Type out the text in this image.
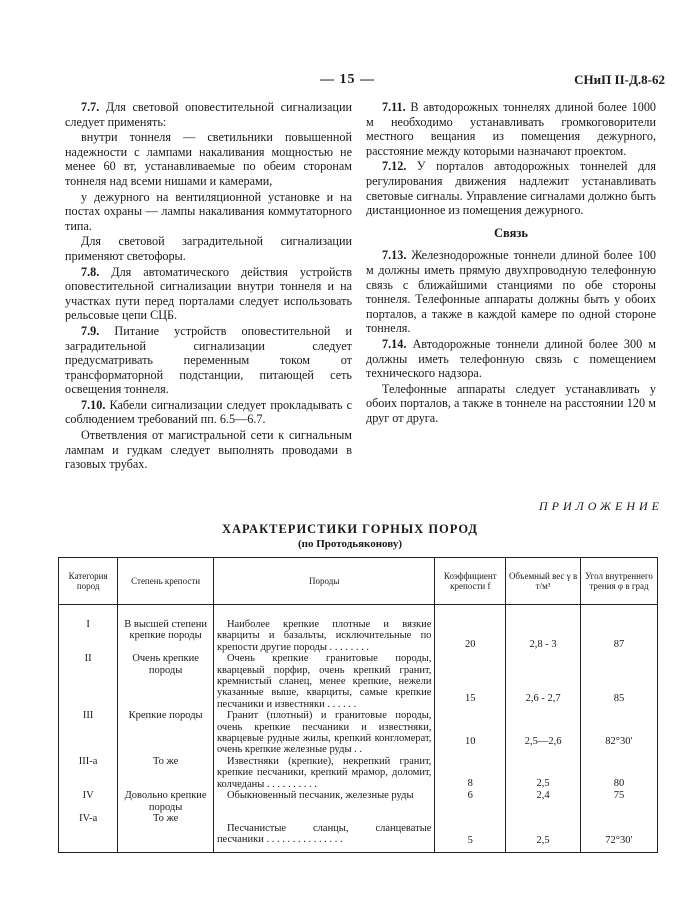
— 15 —	СНиП II-Д.8-62

7.7. Для световой оповестительной сигнализации следует применять:

внутри тоннеля — светильники повышенной надежности с лампами накаливания мощностью не менее 60 вт, устанавливаемые по обеим сторонам тоннеля над всеми нишами и камерами,

у дежурного на вентиляционной установке и на постах охраны — лампы накаливания коммутаторного типа.

Для световой заградительной сигнализации применяют светофоры.

7.8. Для автоматического действия устройств оповестительной сигнализации внутри тоннеля и на участках пути перед порталами следует использовать рельсовые цепи СЦБ.

7.9. Питание устройств оповестительной и заградительной сигнализации следует предусматривать переменным током от трансформаторной подстанции, питающей сеть освещения тоннеля.

7.10. Кабели сигнализации следует прокладывать с соблюдением требований пп. 6.5—6.7.

Ответвления от магистральной сети к сигнальным лампам и гудкам следует выполнять проводами в газовых трубах.

7.11. В автодорожных тоннелях длиной более 1000 м необходимо устанавливать громкоговорители местного вещания из помещения дежурного, расстояние между которыми назначают проектом.

7.12. У порталов автодорожных тоннелей для регулирования движения надлежит устанавливать световые сигналы. Управление сигналами должно быть дистанционное из помещения дежурного.

Связь

7.13. Железнодорожные тоннели длиной более 100 м должны иметь прямую двухпроводную телефонную связь с ближайшими станциями по обе стороны тоннеля. Телефонные аппараты должны быть у обоих порталов, а также в каждой камере по одной стороне тоннеля.

7.14. Автодорожные тоннели длиной более 300 м должны иметь телефонную связь с помещением технического надзора.

Телефонные аппараты следует устанавливать у обоих порталов, а также в тоннеле на расстоянии 120 м друг от друга.

ПРИЛОЖЕНИЕ
ХАРАКТЕРИСТИКИ ГОРНЫХ ПОРОД
(по Протодьяконову)
Категория пород	Степень крепости	Породы	Коэффициент крепости f	Объемный вес γ в т/м³	Угол внутреннего трения φ в град
I	В высшей степени крепкие породы	Наиболее крепкие плотные и вязкие кварциты и базальты, исключительные по крепости другие породы . . . . . . . .	20	2,8 - 3	87
II	Очень крепкие породы	Очень крепкие гранитовые породы, кварцевый порфир, очень крепкий гранит, кремнистый сланец, менее крепкие, нежели указанные выше, кварциты, самые крепкие песчаники и известняки . . . . . .	15	2,6 - 2,7	85
III	Крепкие породы	Гранит (плотный) и гранитовые породы, очень крепкие песчаники и известняки, кварцевые рудные жилы, крепкий конгломерат, очень крепкие железные руды . .	10	2,5—2,6	82°30′
III-а	То же	Известняки (крепкие), некрепкий гранит, крепкие песчаники, крепкий мрамор, доломит, колчеданы . . . . . . . . . .	8	2,5	80
IV	Довольно крепкие породы	Обыкновенный песчаник, железные руды	6	2,4	75
IV-а	То же	Песчанистые сланцы, сланцеватые песчаники . . . . . . . . . . . . . . .	5	2,5	72°30′
